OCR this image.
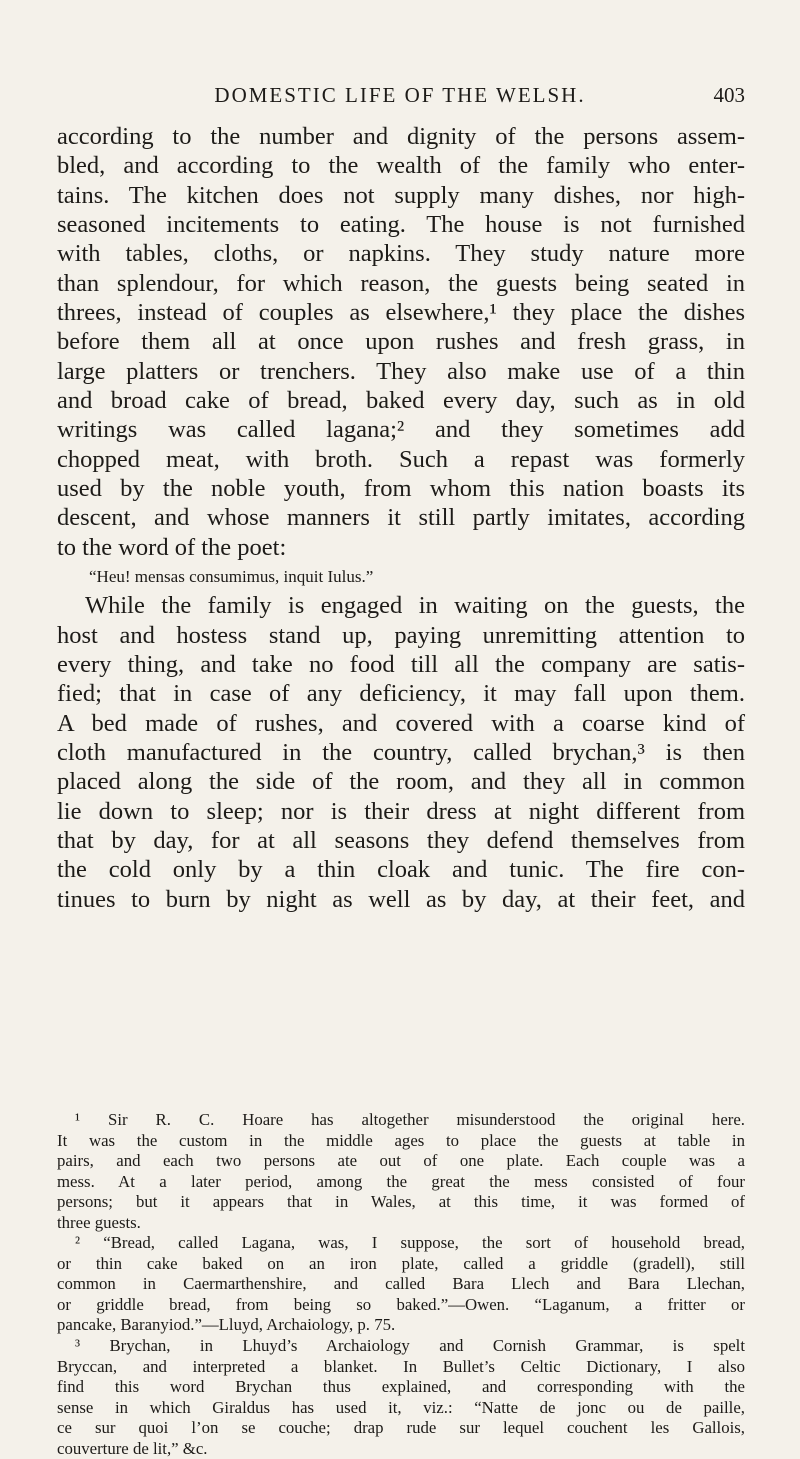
DOMESTIC LIFE OF THE WELSH.	403
according to the number and dignity of the persons assem-
bled, and according to the wealth of the family who enter-
tains. The kitchen does not supply many dishes, nor high-
seasoned incitements to eating. The house is not furnished
with tables, cloths, or napkins. They study nature more
than splendour, for which reason, the guests being seated in
threes, instead of couples as elsewhere,¹ they place the dishes
before them all at once upon rushes and fresh grass, in
large platters or trenchers. They also make use of a thin
and broad cake of bread, baked every day, such as in old
writings was called lagana;² and they sometimes add
chopped meat, with broth. Such a repast was formerly
used by the noble youth, from whom this nation boasts its
descent, and whose manners it still partly imitates, according
to the word of the poet:
“Heu! mensas consumimus, inquit Iulus.”
While the family is engaged in waiting on the guests, the
host and hostess stand up, paying unremitting attention to
every thing, and take no food till all the company are satis-
fied; that in case of any deficiency, it may fall upon them.
A bed made of rushes, and covered with a coarse kind of
cloth manufactured in the country, called brychan,³ is then
placed along the side of the room, and they all in common
lie down to sleep; nor is their dress at night different from
that by day, for at all seasons they defend themselves from
the cold only by a thin cloak and tunic. The fire con-
tinues to burn by night as well as by day, at their feet, and
¹ Sir R. C. Hoare has altogether misunderstood the original here.
It was the custom in the middle ages to place the guests at table in
pairs, and each two persons ate out of one plate. Each couple was a
mess. At a later period, among the great the mess consisted of four
persons; but it appears that in Wales, at this time, it was formed of
three guests.
² “Bread, called Lagana, was, I suppose, the sort of household bread,
or thin cake baked on an iron plate, called a griddle (gradell), still
common in Caermarthenshire, and called Bara Llech and Bara Llechan,
or griddle bread, from being so baked.”—Owen. “Laganum, a fritter or
pancake, Baranyiod.”—Lluyd, Archaiology, p. 75.
³ Brychan, in Lhuyd’s Archaiology and Cornish Grammar, is spelt
Bryccan, and interpreted a blanket. In Bullet’s Celtic Dictionary, I also
find this word Brychan thus explained, and corresponding with the
sense in which Giraldus has used it, viz.: “Natte de jonc ou de paille,
ce sur quoi l’on se couche; drap rude sur lequel couchent les Gallois,
couverture de lit,” &c.
